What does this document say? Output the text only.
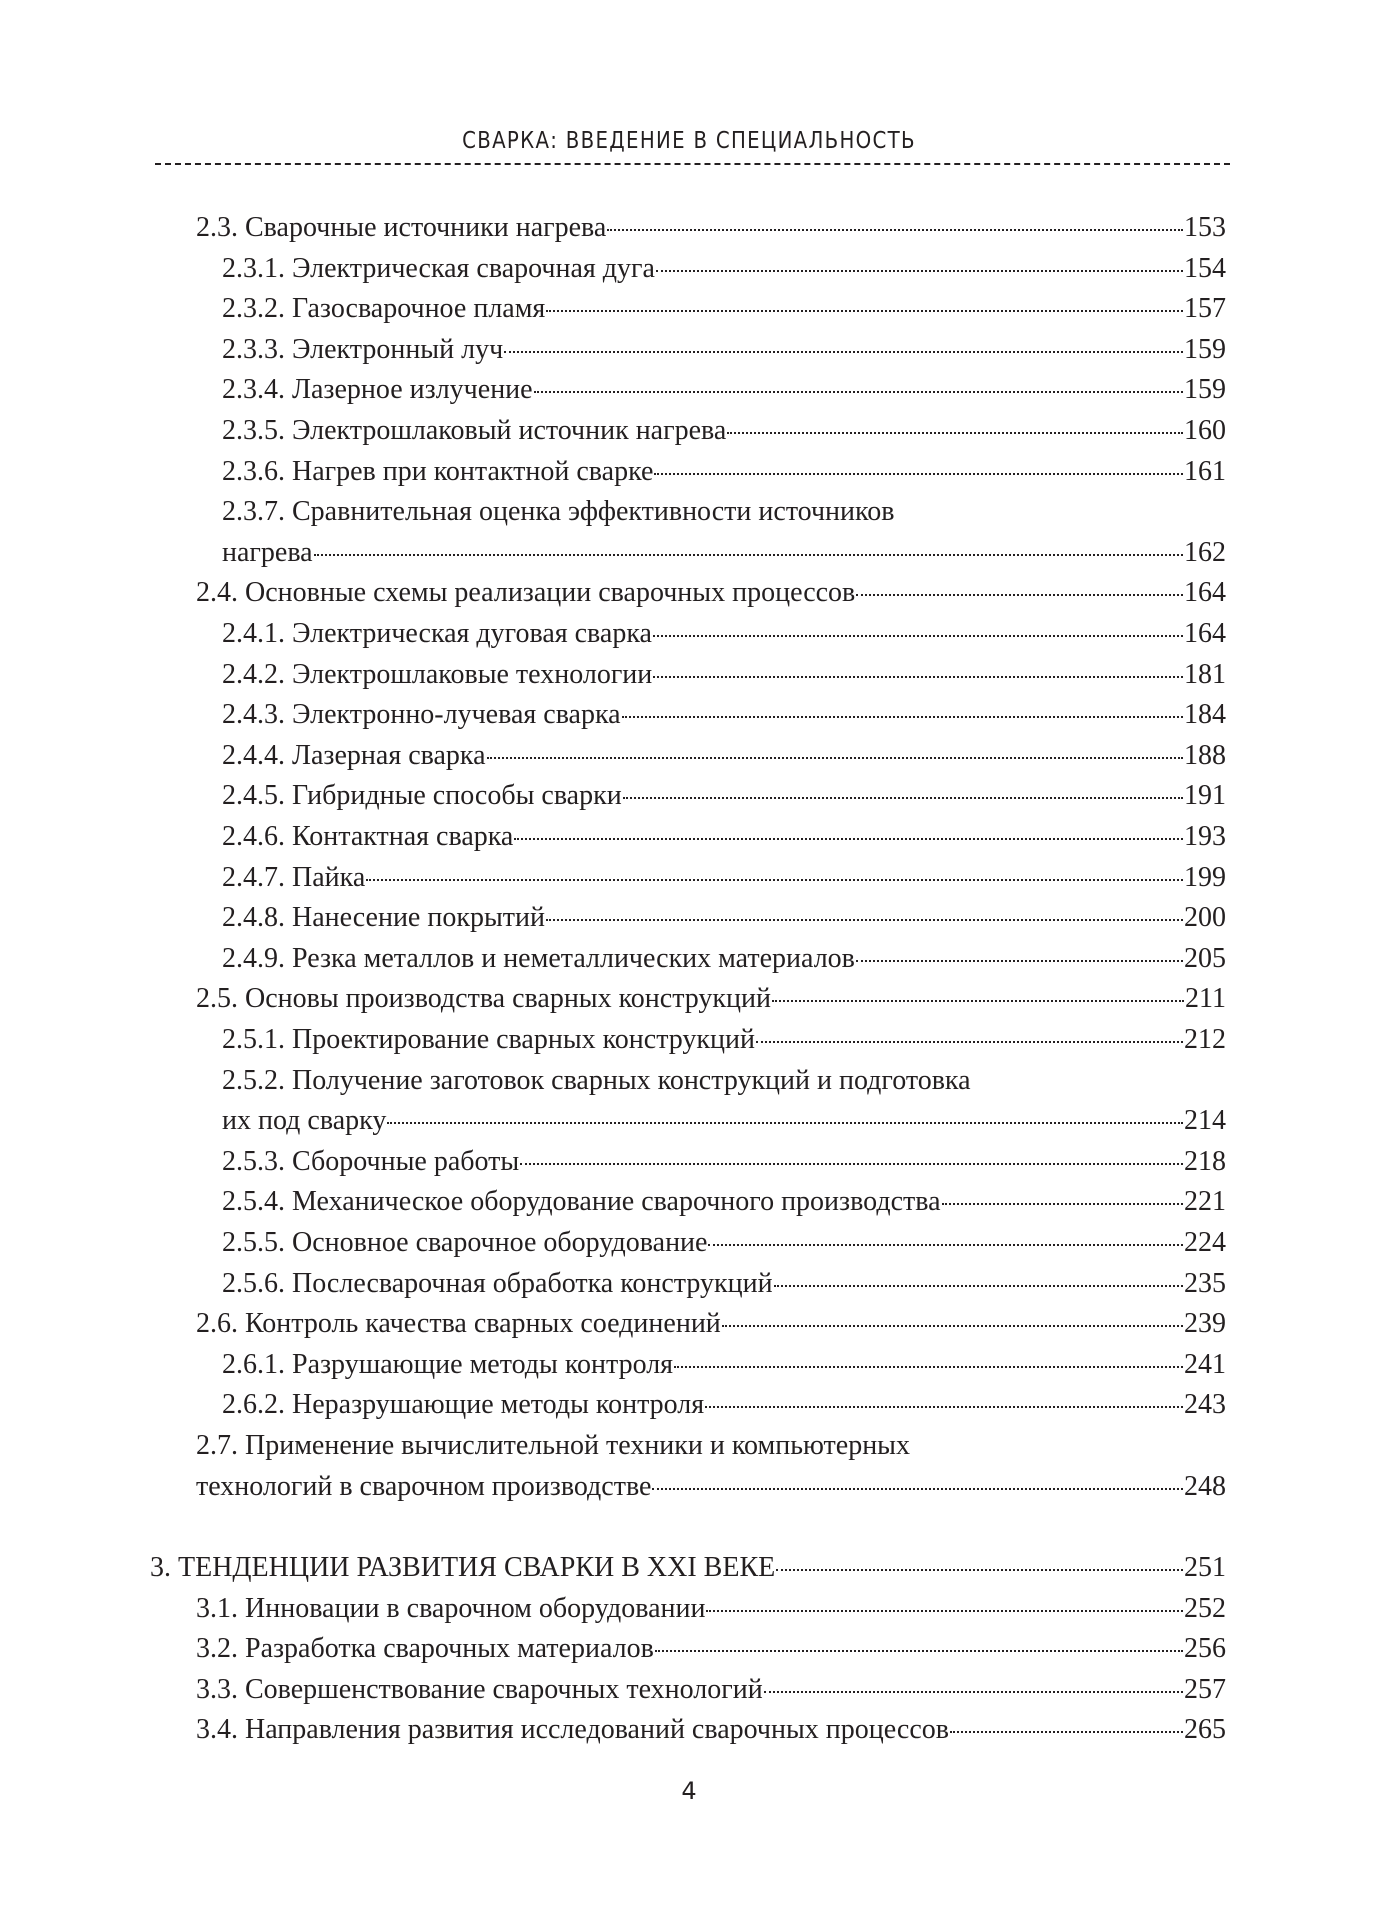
СВАРКА: ВВЕДЕНИЕ В СПЕЦИАЛЬНОСТЬ
2.3. Сварочные источники нагрева	153
2.3.1. Электрическая сварочная дуга	154
2.3.2. Газосварочное пламя	157
2.3.3. Электронный луч	159
2.3.4. Лазерное излучение	159
2.3.5. Электрошлаковый источник нагрева	160
2.3.6. Нагрев при контактной сварке	161
2.3.7. Сравнительная оценка эффективности источников
нагрева	162
2.4. Основные схемы реализации сварочных процессов	164
2.4.1. Электрическая дуговая сварка	164
2.4.2. Электрошлаковые технологии	181
2.4.3. Электронно-лучевая сварка	184
2.4.4. Лазерная сварка	188
2.4.5. Гибридные способы сварки	191
2.4.6. Контактная сварка	193
2.4.7. Пайка	199
2.4.8. Нанесение покрытий	200
2.4.9. Резка металлов и неметаллических материалов	205
2.5. Основы производства сварных конструкций	211
2.5.1. Проектирование сварных конструкций	212
2.5.2. Получение заготовок сварных конструкций и подготовка
их под сварку	214
2.5.3. Сборочные работы	218
2.5.4. Механическое оборудование сварочного производства	221
2.5.5. Основное сварочное оборудование	224
2.5.6. Послесварочная обработка конструкций	235
2.6. Контроль качества сварных соединений	239
2.6.1. Разрушающие методы контроля	241
2.6.2. Неразрушающие методы контроля	243
2.7. Применение вычислительной техники и компьютерных
технологий в сварочном производстве	248
3. ТЕНДЕНЦИИ РАЗВИТИЯ СВАРКИ В XXI ВЕКЕ	251
3.1. Инновации в сварочном оборудовании	252
3.2. Разработка сварочных материалов	256
3.3. Совершенствование сварочных технологий	257
3.4. Направления развития исследований сварочных процессов	265
4
